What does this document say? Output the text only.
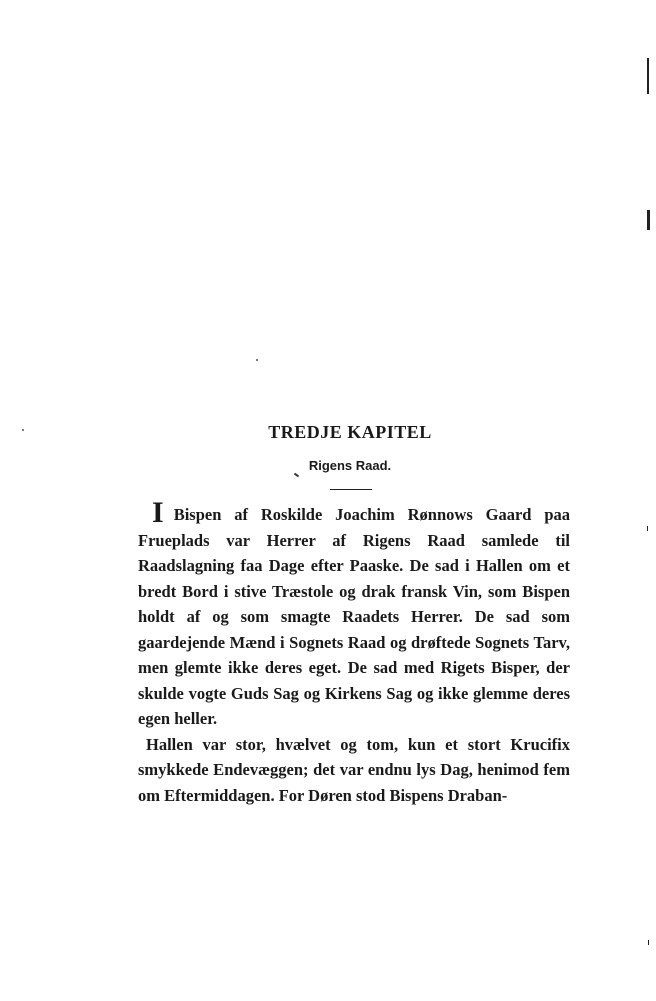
TREDJE KAPITEL
Rigens Raad.

I Bispen af Roskilde Joachim Rønnows Gaard paa Frueplads var Herrer af Rigens Raad samlede til Raadslagning faa Dage efter Paaske. De sad i Hallen om et bredt Bord i stive Træstole og drak fransk Vin, som Bispen holdt af og som smagte Raadets Herrer. De sad som gaardejende Mænd i Sognets Raad og drøftede Sognets Tarv, men glemte ikke deres eget. De sad med Rigets Bisper, der skulde vogte Guds Sag og Kirkens Sag og ikke glemme deres egen heller.

Hallen var stor, hvælvet og tom, kun et stort Krucifix smykkede Endevæggen; det var endnu lys Dag, henimod fem om Eftermiddagen. For Døren stod Bispens Draban-
